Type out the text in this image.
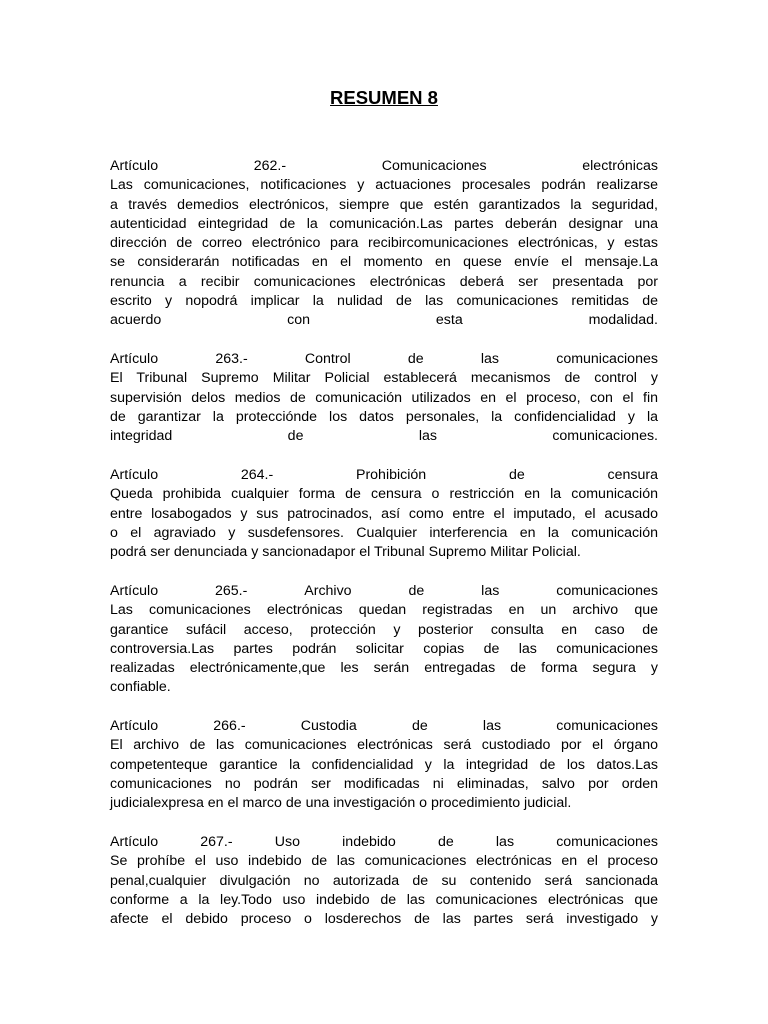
RESUMEN 8
Artículo	262.-	Comunicaciones	electrónicas
Las comunicaciones, notificaciones y actuaciones procesales podrán realizarse
a través demedios electrónicos, siempre que estén garantizados la seguridad,
autenticidad eintegridad de la comunicación.Las partes deberán designar una
dirección de correo electrónico para recibircomunicaciones electrónicas, y estas
se considerarán notificadas en el momento en quese envíe el mensaje.La
renuncia a recibir comunicaciones electrónicas deberá ser presentada por
escrito y nopodrá implicar la nulidad de las comunicaciones remitidas de
acuerdo con esta modalidad.
Artículo	263.-	Control	de	las	comunicaciones
El Tribunal Supremo Militar Policial establecerá mecanismos de control y
supervisión delos medios de comunicación utilizados en el proceso, con el fin
de garantizar la protecciónde los datos personales, la confidencialidad y la
integridad de las comunicaciones.
Artículo	264.-	Prohibición	de	censura
Queda prohibida cualquier forma de censura o restricción en la comunicación
entre losabogados y sus patrocinados, así como entre el imputado, el acusado
o el agraviado y susdefensores. Cualquier interferencia en la comunicación
podrá ser denunciada y sancionadapor el Tribunal Supremo Militar Policial.
Artículo	265.-	Archivo	de	las	comunicaciones
Las comunicaciones electrónicas quedan registradas en un archivo que
garantice sufácil acceso, protección y posterior consulta en caso de
controversia.Las partes podrán solicitar copias de las comunicaciones
realizadas electrónicamente,que les serán entregadas de forma segura y
confiable.
Artículo	266.-	Custodia	de	las	comunicaciones
El archivo de las comunicaciones electrónicas será custodiado por el órgano
competenteque garantice la confidencialidad y la integridad de los datos.Las
comunicaciones no podrán ser modificadas ni eliminadas, salvo por orden
judicialexpresa en el marco de una investigación o procedimiento judicial.
Artículo	267.-	Uso	indebido	de	las	comunicaciones
Se prohíbe el uso indebido de las comunicaciones electrónicas en el proceso
penal,cualquier divulgación no autorizada de su contenido será sancionada
conforme a la ley.Todo uso indebido de las comunicaciones electrónicas que
afecte el debido proceso o losderechos de las partes será investigado y
